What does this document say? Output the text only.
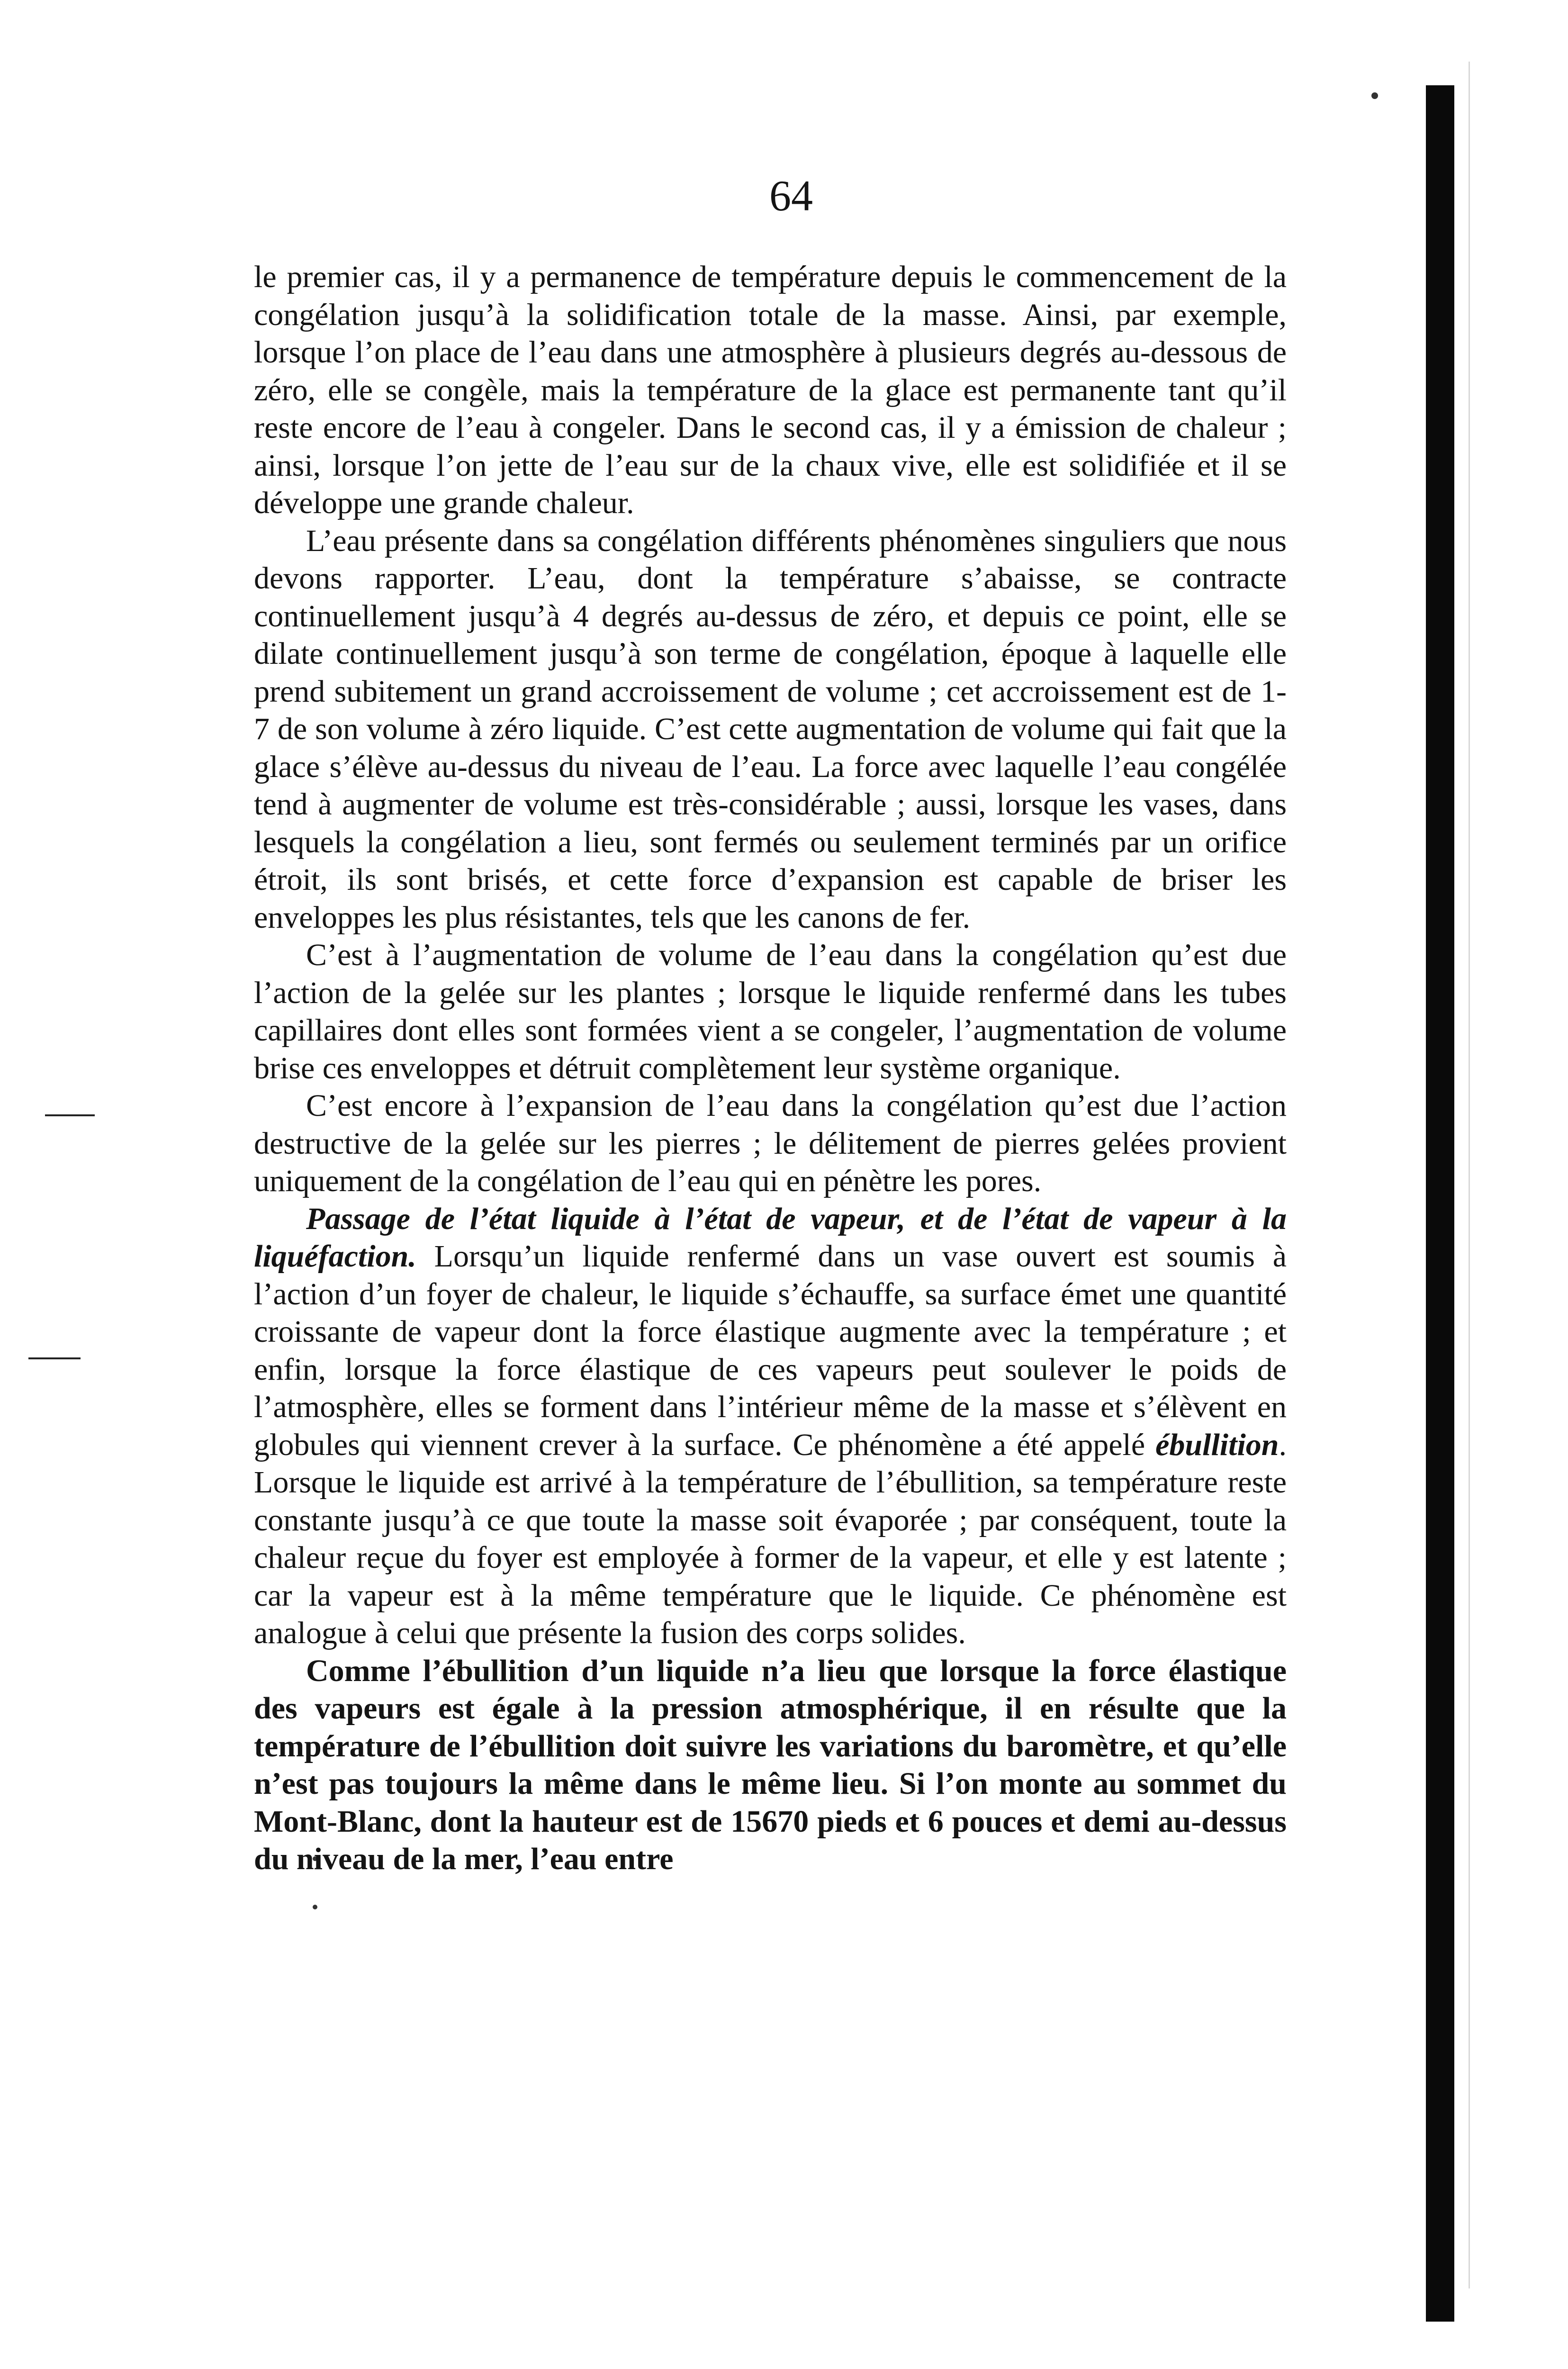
64

le premier cas, il y a permanence de température depuis le commencement de la congélation jusqu’à la solidification totale de la masse. Ainsi, par exemple, lorsque l’on place de l’eau dans une atmosphère à plusieurs degrés au-dessous de zéro, elle se congèle, mais la température de la glace est permanente tant qu’il reste encore de l’eau à congeler. Dans le second cas, il y a émission de chaleur ; ainsi, lorsque l’on jette de l’eau sur de la chaux vive, elle est solidifiée et il se développe une grande chaleur.

L’eau présente dans sa congélation différents phénomènes singuliers que nous devons rapporter. L’eau, dont la température s’abaisse, se contracte continuellement jusqu’à 4 degrés au-dessus de zéro, et depuis ce point, elle se dilate continuellement jusqu’à son terme de congélation, époque à laquelle elle prend subitement un grand accroissement de volume ; cet accroissement est de 1-7 de son volume à zéro liquide. C’est cette augmentation de volume qui fait que la glace s’élève au-dessus du niveau de l’eau. La force avec laquelle l’eau congélée tend à augmenter de volume est très-considérable ; aussi, lorsque les vases, dans lesquels la congélation a lieu, sont fermés ou seulement terminés par un orifice étroit, ils sont brisés, et cette force d’expansion est capable de briser les enveloppes les plus résistantes, tels que les canons de fer.

C’est à l’augmentation de volume de l’eau dans la congélation qu’est due l’action de la gelée sur les plantes ; lorsque le liquide renfermé dans les tubes capillaires dont elles sont formées vient a se congeler, l’augmentation de volume brise ces enveloppes et détruit complètement leur système organique.

C’est encore à l’expansion de l’eau dans la congélation qu’est due l’action destructive de la gelée sur les pierres ; le délitement de pierres gelées provient uniquement de la congélation de l’eau qui en pénètre les pores.

Passage de l’état liquide à l’état de vapeur, et de l’état de vapeur à la liquéfaction. Lorsqu’un liquide renfermé dans un vase ouvert est soumis à l’action d’un foyer de chaleur, le liquide s’échauffe, sa surface émet une quantité croissante de vapeur dont la force élastique augmente avec la température ; et enfin, lorsque la force élastique de ces vapeurs peut soulever le poids de l’atmosphère, elles se forment dans l’intérieur même de la masse et s’élèvent en globules qui viennent crever à la surface. Ce phénomène a été appelé ébullition. Lorsque le liquide est arrivé à la température de l’ébullition, sa température reste constante jusqu’à ce que toute la masse soit évaporée ; par conséquent, toute la chaleur reçue du foyer est employée à former de la vapeur, et elle y est latente ; car la vapeur est à la même température que le liquide. Ce phénomène est analogue à celui que présente la fusion des corps solides.

Comme l’ébullition d’un liquide n’a lieu que lorsque la force élastique des vapeurs est égale à la pression atmosphérique, il en résulte que la température de l’ébullition doit suivre les variations du baromètre, et qu’elle n’est pas toujours la même dans le même lieu. Si l’on monte au sommet du Mont-Blanc, dont la hauteur est de 15670 pieds et 6 pouces et demi au-dessus du niveau de la mer, l’eau entre
